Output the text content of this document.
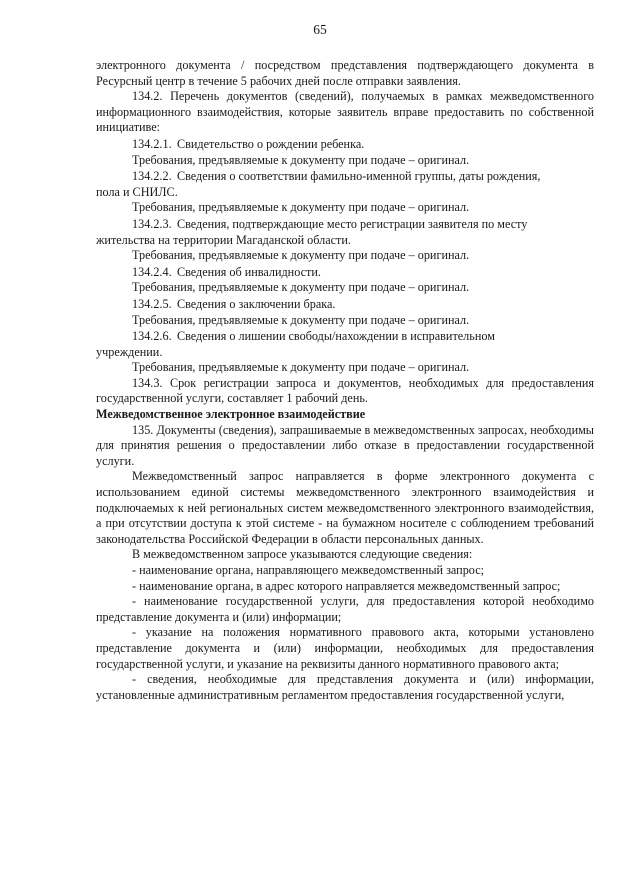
65

электронного документа / посредством представления подтверждающего документа в Ресурсный центр в течение 5 рабочих дней после отправки заявления.

134.2. Перечень документов (сведений), получаемых в рамках межведомственного информационного взаимодействия, которые заявитель вправе предоставить по собственной инициативе:

134.2.1. Свидетельство о рождении ребенка.

Требования, предъявляемые к документу при подаче – оригинал.

134.2.2. Сведения о соответствии фамильно-именной группы, даты рождения,

пола и СНИЛС.

Требования, предъявляемые к документу при подаче – оригинал.

134.2.3. Сведения, подтверждающие место регистрации заявителя по месту

жительства на территории Магаданской области.

Требования, предъявляемые к документу при подаче – оригинал.

134.2.4. Сведения об инвалидности.

Требования, предъявляемые к документу при подаче – оригинал.

134.2.5. Сведения о заключении брака.

Требования, предъявляемые к документу при подаче – оригинал.

134.2.6. Сведения о лишении свободы/нахождении в исправительном

учреждении.

Требования, предъявляемые к документу при подаче – оригинал.

134.3. Срок регистрации запроса и документов, необходимых для предоставления государственной услуги, составляет 1 рабочий день.

Межведомственное электронное взаимодействие

135. Документы (сведения), запрашиваемые в межведомственных запросах, необходимы для принятия решения о предоставлении либо отказе в предоставлении государственной услуги.

Межведомственный запрос направляется в форме электронного документа с использованием единой системы межведомственного электронного взаимодействия и подключаемых к ней региональных систем межведомственного электронного взаимодействия, а при отсутствии доступа к этой системе - на бумажном носителе с соблюдением требований законодательства Российской Федерации в области персональных данных.

В межведомственном запросе указываются следующие сведения:

- наименование органа, направляющего межведомственный запрос;

- наименование органа, в адрес которого направляется межведомственный запрос;

- наименование государственной услуги, для предоставления которой необходимо представление документа и (или) информации;

- указание на положения нормативного правового акта, которыми установлено представление документа и (или) информации, необходимых для предоставления государственной услуги, и указание на реквизиты данного нормативного правового акта;

- сведения, необходимые для представления документа и (или) информации, установленные административным регламентом предоставления государственной услуги,
